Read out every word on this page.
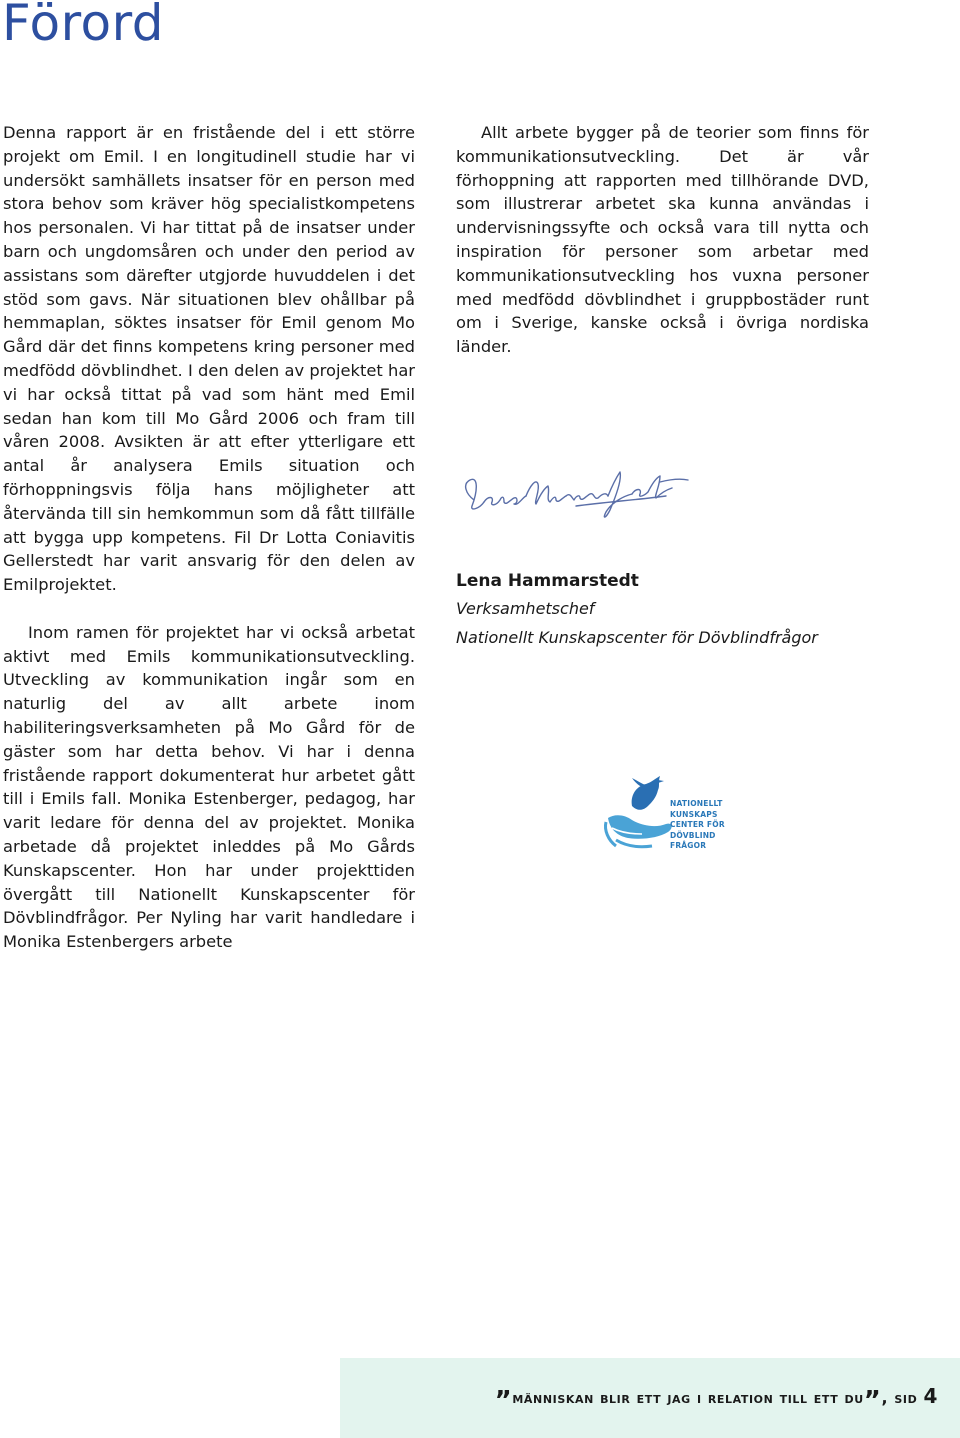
Förord

Denna rapport är en fristående del i ett större projekt om Emil. I en longitudinell studie har vi undersökt samhällets insatser för en person med stora behov som kräver hög specialistkompetens hos personalen. Vi har tittat på de insatser under barn och ungdomsåren och under den period av assistans som därefter utgjorde huvuddelen i det stöd som gavs. När situationen blev ohållbar på hemmaplan, söktes insatser för Emil genom Mo Gård där det finns kompetens kring personer med medfödd dövblindhet. I den delen av projektet har vi har också tittat på vad som hänt med Emil sedan han kom till Mo Gård 2006 och fram till våren 2008. Avsikten är att efter ytterligare ett antal år analysera Emils situation och förhoppningsvis följa hans möjligheter att återvända till sin hemkommun som då fått tillfälle att bygga upp kompetens. Fil Dr Lotta Coniavitis Gellerstedt har varit ansvarig för den delen av Emilprojektet.

Inom ramen för projektet har vi också arbetat aktivt med Emils kommunikationsutveckling. Utveckling av kommunikation ingår som en naturlig del av allt arbete inom habiliteringsverksamheten på Mo Gård för de gäster som har detta behov. Vi har i denna fristående rapport dokumenterat hur arbetet gått till i Emils fall. Monika Estenberger, pedagog, har varit ledare för denna del av projektet. Monika arbetade då projektet inleddes på Mo Gårds Kunskapscenter. Hon har under projekttiden övergått till Nationellt Kunskapscenter för Dövblindfrågor. Per Nyling har varit handledare i Monika Estenbergers arbete

Allt arbete bygger på de teorier som finns för kommunikationsutveckling. Det är vår förhoppning att rapporten med tillhörande DVD, som illustrerar arbetet ska kunna användas i undervisningssyfte och också vara till nytta och inspiration för personer som arbetar med kommunikationsutveckling hos vuxna personer med medfödd dövblindhet i gruppbostäder runt om i Sverige, kanske också i övriga nordiska länder.

Lena Hammarstedt

Verksamhetschef

Nationellt Kunskapscenter för Dövblindfrågor

NATIONELLT
KUNSKAPS
CENTER FÖR
DÖVBLIND
FRÅGOR

”människan blir ett jag i relation till ett du”, sid 4
